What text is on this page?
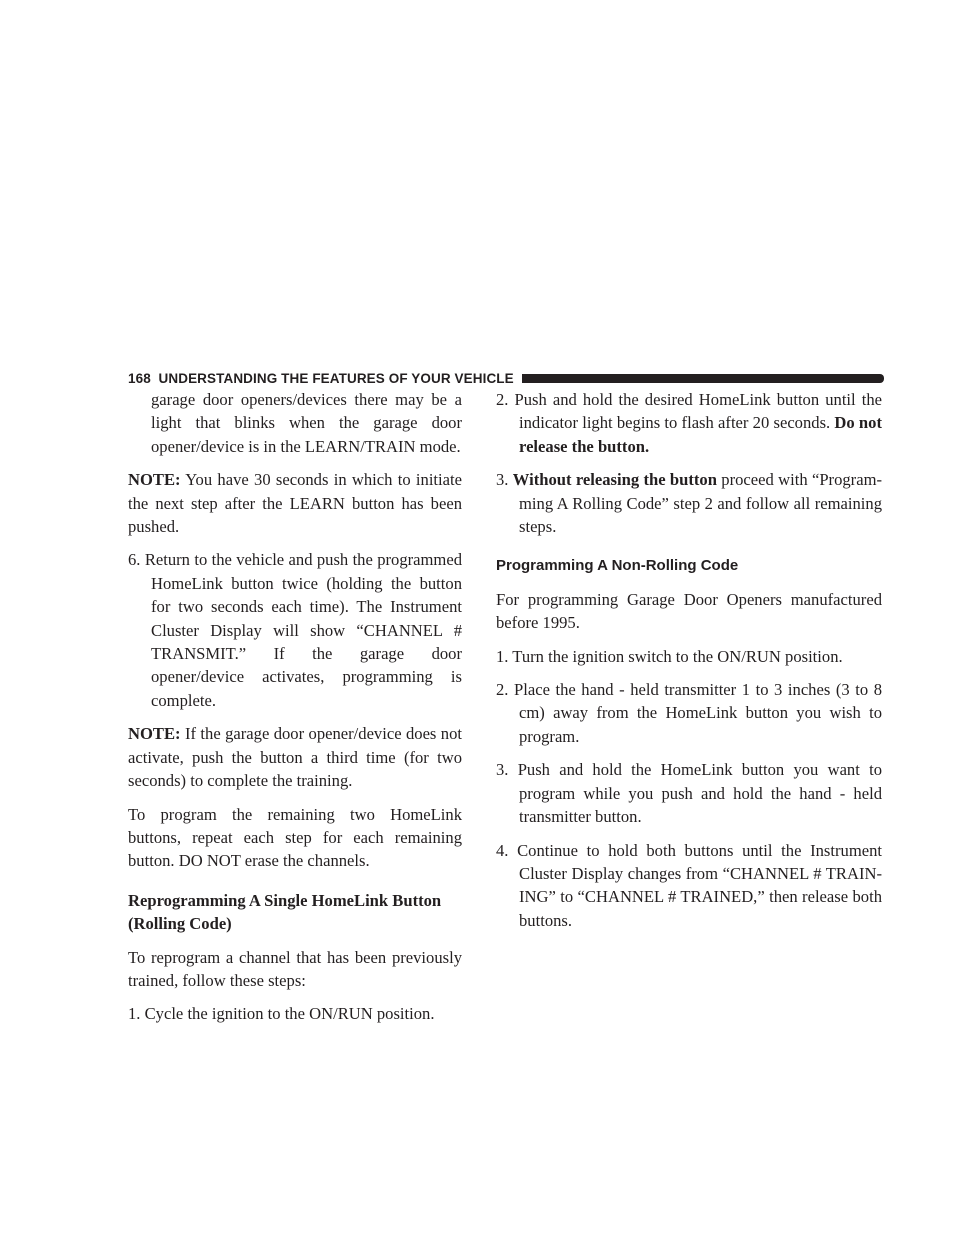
168 UNDERSTANDING THE FEATURES OF YOUR VEHICLE

garage door openers/devices there may be a light that blinks when the garage door opener/device is in the LEARN/TRAIN mode.

NOTE: You have 30 seconds in which to initiate the next step after the LEARN button has been pushed.

6. Return to the vehicle and push the programmed HomeLink button twice (holding the button for two seconds each time). The Instrument Cluster Display will show “CHANNEL # TRANSMIT.” If the garage door opener/device activates, programming is complete.

NOTE: If the garage door opener/device does not activate, push the button a third time (for two seconds) to complete the training.

To program the remaining two HomeLink buttons, repeat each step for each remaining button. DO NOT erase the channels.

Reprogramming A Single HomeLink Button (Rolling Code)

To reprogram a channel that has been previously trained, follow these steps:

1. Cycle the ignition to the ON/RUN position.

2. Push and hold the desired HomeLink button until the indicator light begins to flash after 20 seconds. Do not release the button.

3. Without releasing the button proceed with “Program-ming A Rolling Code” step 2 and follow all remaining steps.

Programming A Non-Rolling Code

For programming Garage Door Openers manufactured before 1995.

1. Turn the ignition switch to the ON/RUN position.

2. Place the hand - held transmitter 1 to 3 inches (3 to 8 cm) away from the HomeLink button you wish to program.

3. Push and hold the HomeLink button you want to program while you push and hold the hand - held transmitter button.

4. Continue to hold both buttons until the Instrument Cluster Display changes from “CHANNEL # TRAIN-ING” to “CHANNEL # TRAINED,” then release both buttons.
